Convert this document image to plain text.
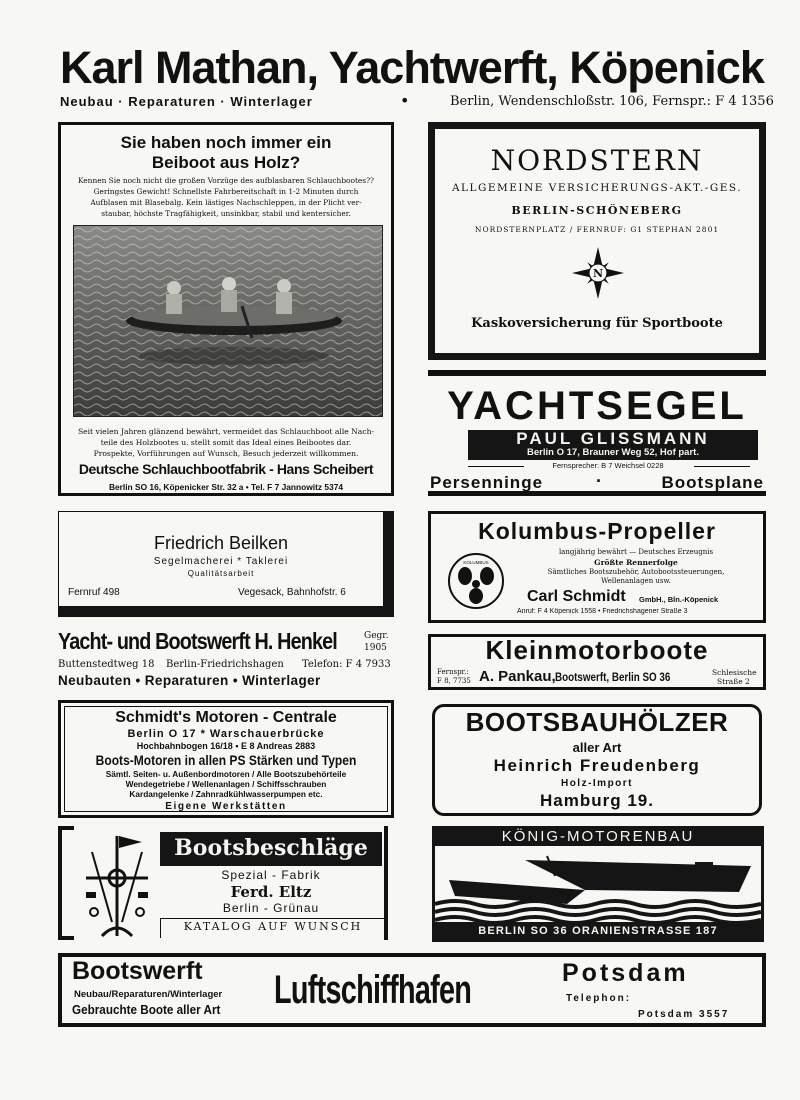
Karl Mathan, Yachtwerft, Köpenick
Neubau · Reparaturen · Winterlager	•	Berlin, Wendenschloßstr. 106, Fernspr.: F 4 1356
Sie haben noch immer ein
Beiboot aus Holz?
Kennen Sie noch nicht die großen Vorzüge des aufblasbaren Schlauchbootes??
Geringstes Gewicht! Schnellste Fahrbereitschaft in 1-2 Minuten durch
Aufblasen mit Blasebalg. Kein lästiges Nachschleppen, in der Plicht ver-
staubar, höchste Tragfähigkeit, unsinkbar, stabil und kentersicher.
Seit vielen Jahren glänzend bewährt, vermeidet das Schlauchboot alle Nach-
teile des Holzbootes u. stellt somit das Ideal eines Beibootes dar.
Prospekte, Vorführungen auf Wunsch, Besuch jederzeit willkommen.
Deutsche Schlauchbootfabrik - Hans Scheibert
Berlin SO 16, Köpenicker Str. 32 a • Tel. F 7 Jannowitz 5374
NORDSTERN
ALLGEMEINE VERSICHERUNGS-AKT.-GES.
BERLIN-SCHÖNEBERG
NORDSTERNPLATZ / FERNRUF: G1 STEPHAN 2801
N
Kaskoversicherung für Sportboote
YACHTSEGEL
PAUL GLISSMANN
Berlin O 17, Brauner Weg 52, Hof part.
Fernsprecher: B 7 Weichsel 0228
Persenninge	·	Bootsplane
Friedrich Beilken
Segelmacherei * Taklerei
Qualitätsarbeit
Fernruf 498	Vegesack, Bahnhofstr. 6
Kolumbus-Propeller
langjährig bewährt — Deutsches Erzeugnis
Größte Rennerfolge
Sämtliches Bootszubehör, Autobootssteuerungen,
Wellenanlagen usw.
KOLUMBUS
Carl Schmidt GmbH., Bln.-Köpenick
Anruf: F 4 Köpenick 1558 • Friedrichshagener Straße 3
Yacht- und Bootswerft H. Henkel	Gegr.
1905
Buttenstedtweg 18 Berlin-Friedrichshagen Telefon: F 4 7933
Neubauten • Reparaturen • Winterlager
Kleinmotorboote
Fernspr.:
F 8, 7735 A. Pankau, Bootswerft, Berlin SO 36	Schlesische
Straße 2
Schmidt's Motoren - Centrale
Berlin O 17 * Warschauerbrücke
Hochbahnbogen 16/18 • E 8 Andreas 2883
Boots-Motoren in allen PS Stärken und Typen
Sämtl. Seiten- u. Außenbordmotoren / Alle Bootszubehörteile
Wendegetriebe / Wellenanlagen / Schiffsschrauben
Kardangelenke / Zahnradkühlwasserpumpen etc.
Eigene Werkstätten
BOOTSBAUHÖLZER
aller Art
Heinrich Freudenberg
Holz-Import
Hamburg 19.
Bootsbeschläge
Spezial - Fabrik
Ferd. Eltz
Berlin - Grünau
KATALOG AUF WUNSCH
KÖNIG-MOTORENBAU
BERLIN SO 36 ORANIENSTRASSE 187
Bootswerft
Neubau/Reparaturen/Winterlager
Gebrauchte Boote aller Art Luftschiffhafen	Potsdam
Telephon:
Potsdam 3557
